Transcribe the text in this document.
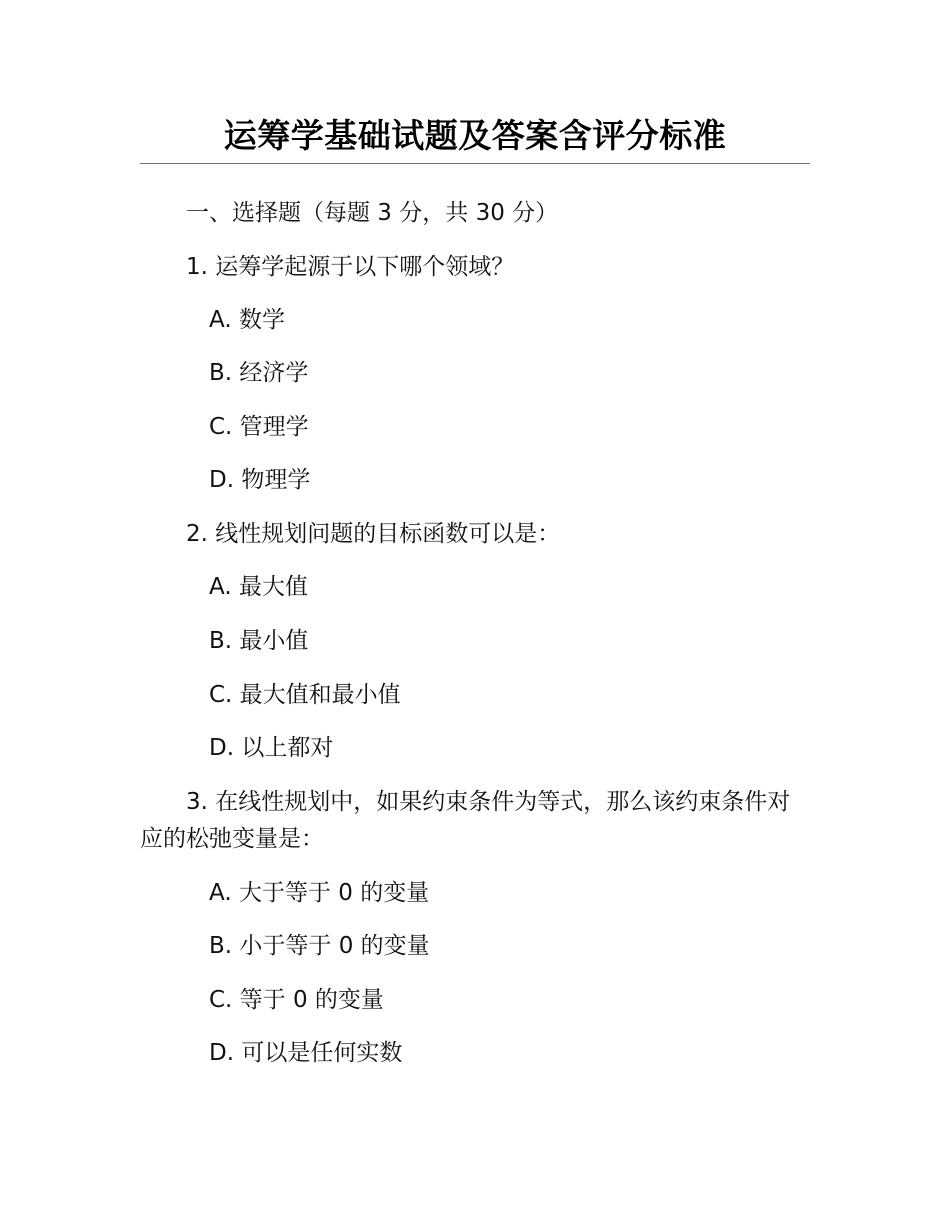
运筹学基础试题及答案含评分标准
一、选择题（每题 3 分，共 30 分）
1. 运筹学起源于以下哪个领域？
A. 数学
B. 经济学
C. 管理学
D. 物理学
2. 线性规划问题的目标函数可以是：
A. 最大值
B. 最小值
C. 最大值和最小值
D. 以上都对
3. 在线性规划中，如果约束条件为等式，那么该约束条件对应的松弛变量是：
A. 大于等于 0 的变量
B. 小于等于 0 的变量
C. 等于 0 的变量
D. 可以是任何实数
